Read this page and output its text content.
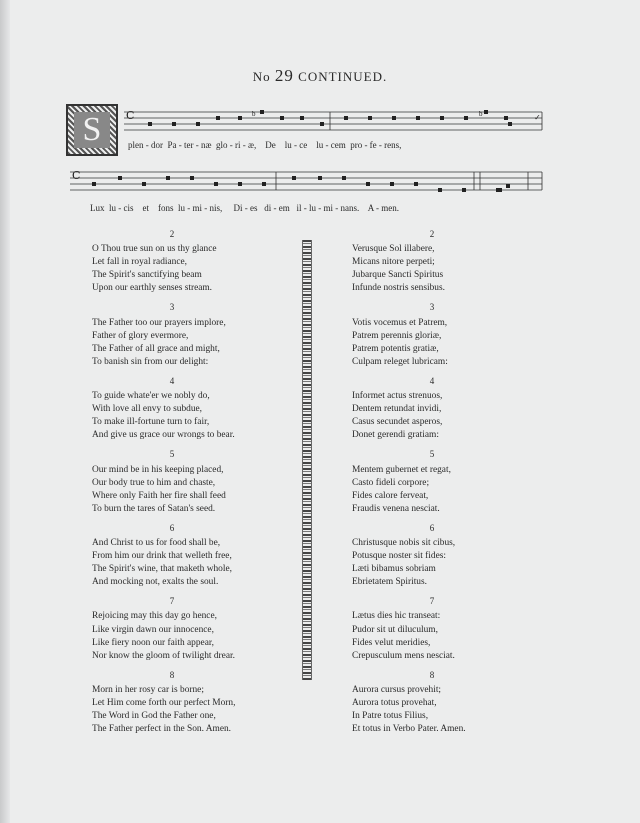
No 29 CONTINUED.
S C	b	b	✓
plen - dor  Pa - ter - næ  glo - ri - æ,    De    lu - ce    lu - cem  pro - fe - rens,
C
Lux  lu - cis    et    fons  lu - mi - nis,     Di - es   di - em   il - lu - mi - nans.    A - men.
2
O Thou true sun on us thy glance
Let fall in royal radiance,
The Spirit's sanctifying beam
Upon our earthly senses stream.
3
The Father too our prayers implore,
Father of glory evermore,
The Father of all grace and might,
To banish sin from our delight:
4
To guide whate'er we nobly do,
With love all envy to subdue,
To make ill-fortune turn to fair,
And give us grace our wrongs to bear.
5
Our mind be in his keeping placed,
Our body true to him and chaste,
Where only Faith her fire shall feed
To burn the tares of Satan's seed.
6
And Christ to us for food shall be,
From him our drink that welleth free,
The Spirit's wine, that maketh whole,
And mocking not, exalts the soul.
7
Rejoicing may this day go hence,
Like virgin dawn our innocence,
Like fiery noon our faith appear,
Nor know the gloom of twilight drear.
8
Morn in her rosy car is borne;
Let Him come forth our perfect Morn,
The Word in God the Father one,
The Father perfect in the Son. Amen.
2
Verusque Sol illabere,
Micans nitore perpeti;
Jubarque Sancti Spiritus
Infunde nostris sensibus.
3
Votis vocemus et Patrem,
Patrem perennis gloriæ,
Patrem potentis gratiæ,
Culpam releget lubricam:
4
Informet actus strenuos,
Dentem retundat invidi,
Casus secundet asperos,
Donet gerendi gratiam:
5
Mentem gubernet et regat,
Casto fideli corpore;
Fides calore ferveat,
Fraudis venena nesciat.
6
Christusque nobis sit cibus,
Potusque noster sit fides:
Læti bibamus sobriam
Ebrietatem Spiritus.
7
Lætus dies hic transeat:
Pudor sit ut diluculum,
Fides velut meridies,
Crepusculum mens nesciat.
8
Aurora cursus provehit;
Aurora totus provehat,
In Patre totus Filius,
Et totus in Verbo Pater. Amen.
